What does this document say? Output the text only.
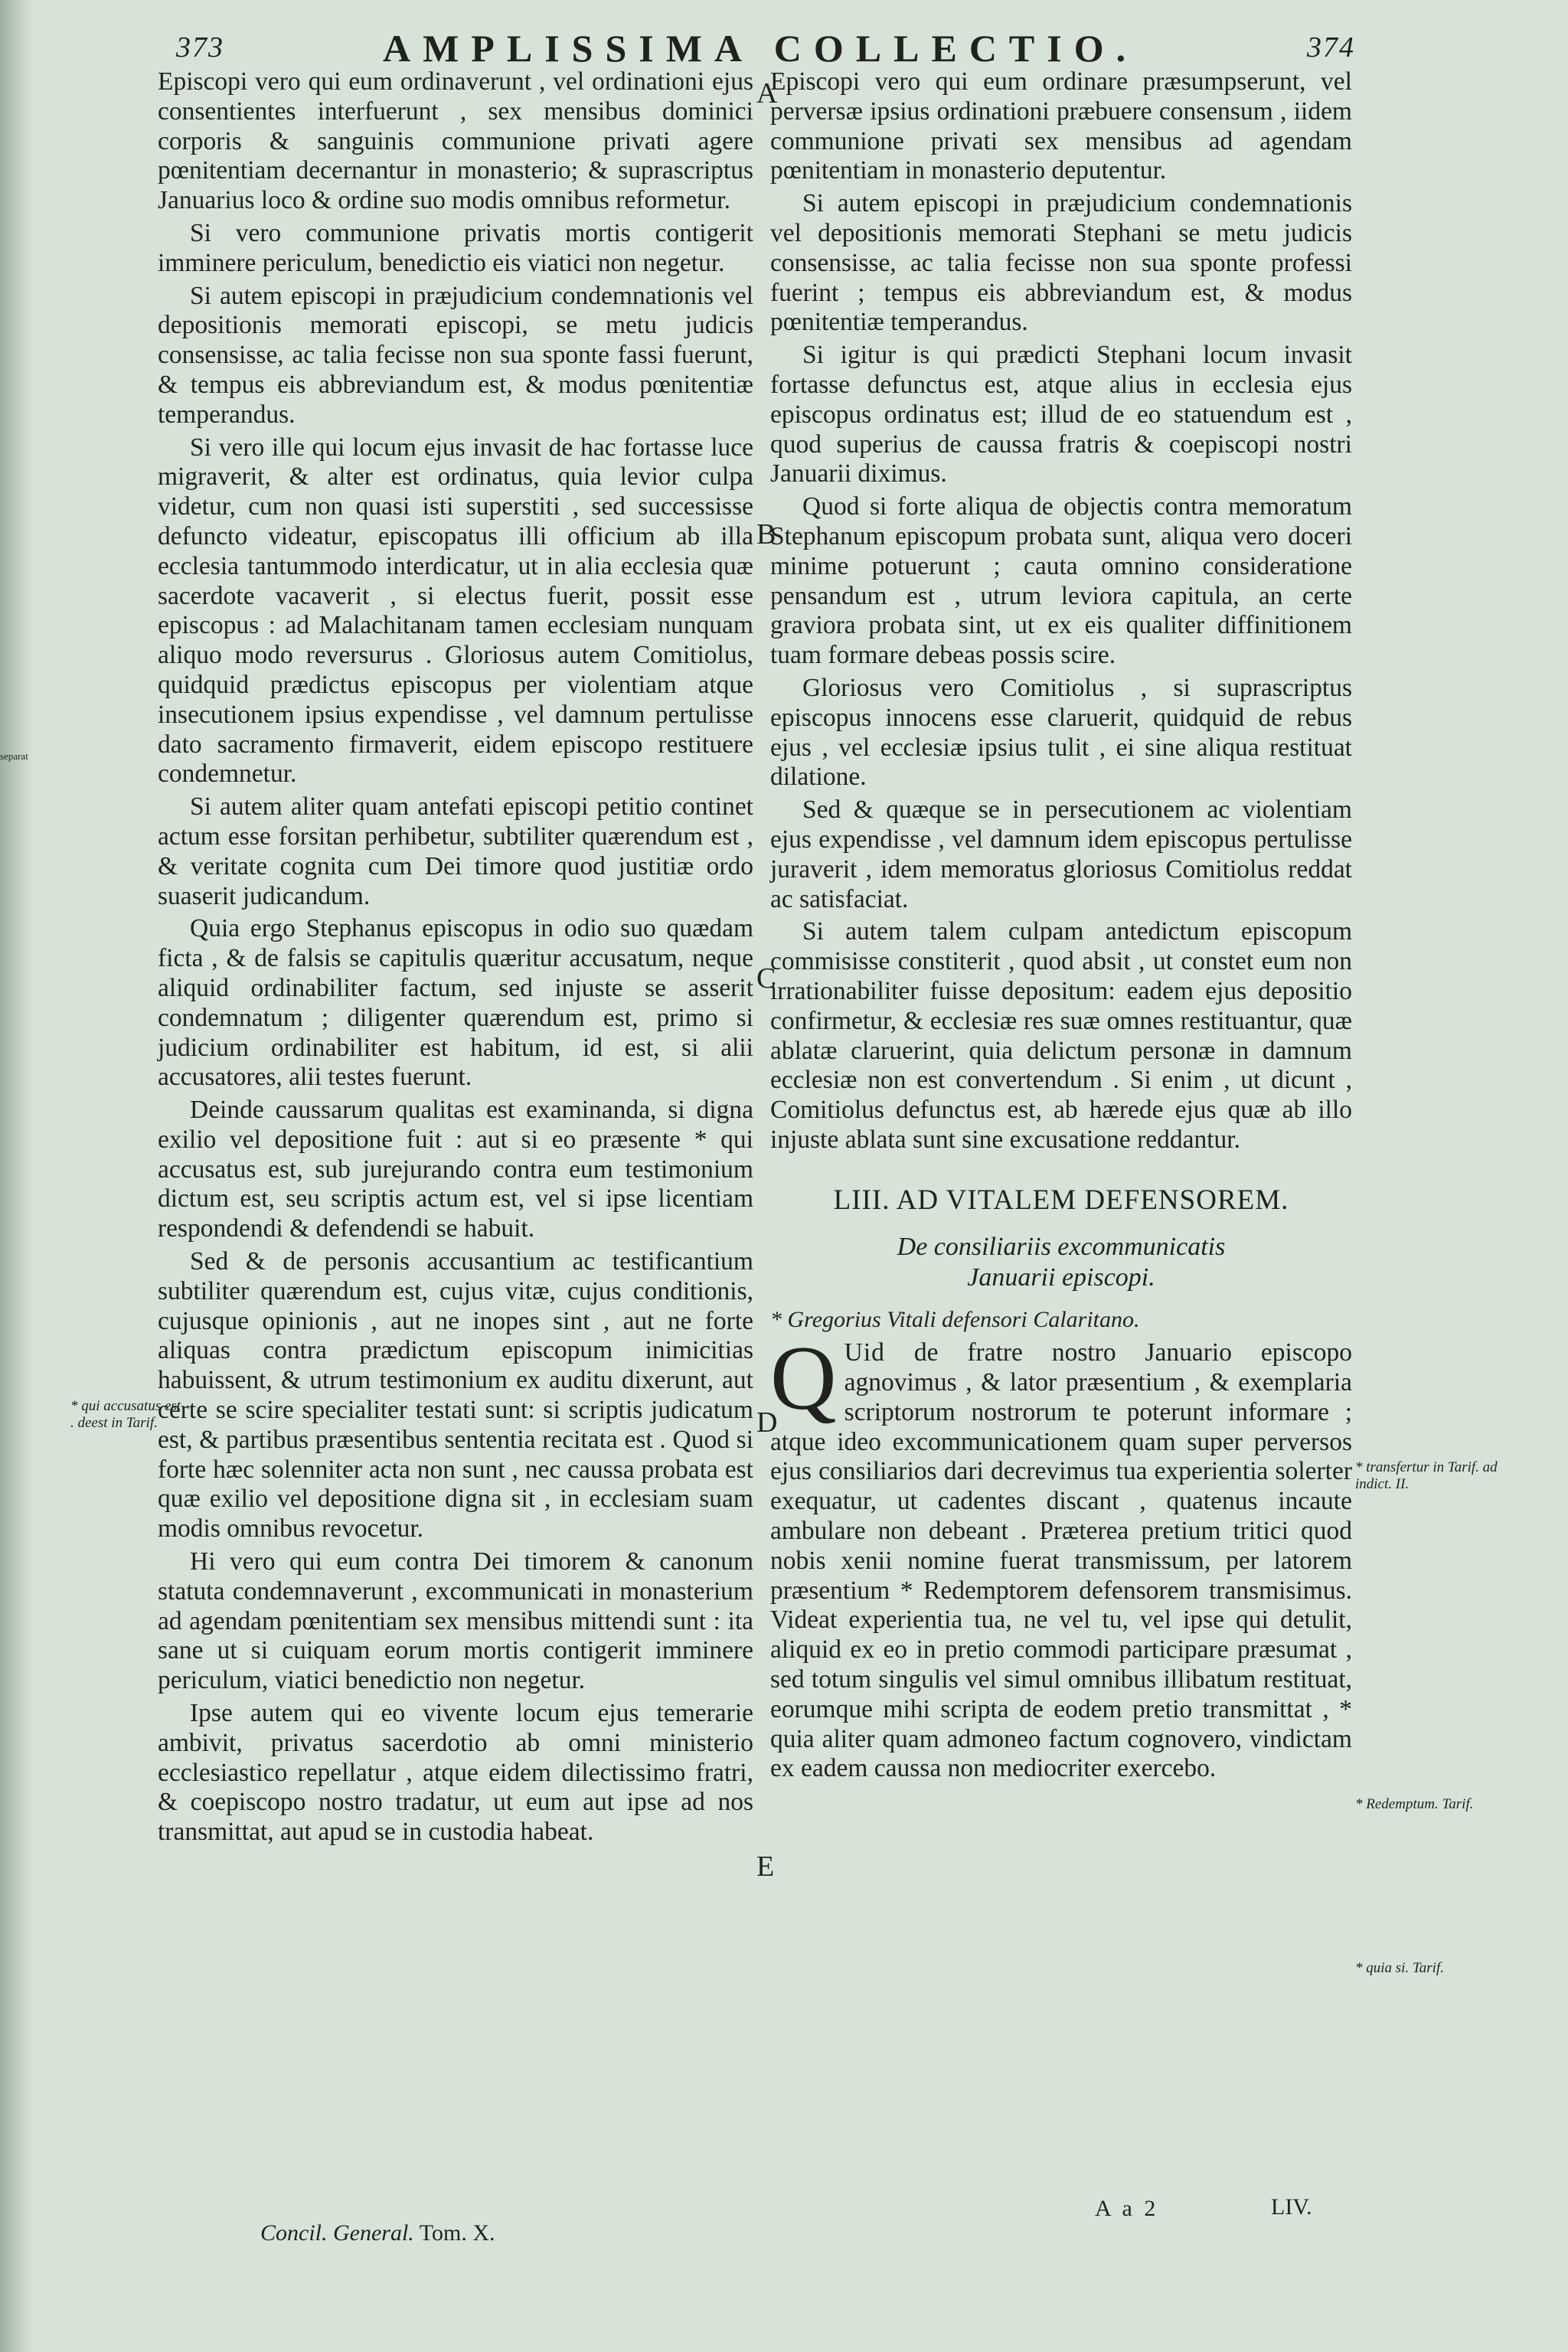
373	AMPLISSIMA COLLECTIO.	374
separat

Episcopi vero qui eum ordinaverunt , vel ordinationi ejus consentientes interfuerunt , sex mensibus dominici corporis & sanguinis communione privati agere pœnitentiam decernantur in monasterio; & suprascriptus Januarius loco & ordine suo modis omnibus reformetur.

Si vero communione privatis mortis contigerit imminere periculum, benedictio eis viatici non negetur.

Si autem episcopi in præjudicium condemnationis vel depositionis memorati episcopi, se metu judicis consensisse, ac talia fecisse non sua sponte fassi fuerunt, & tempus eis abbreviandum est, & modus pœnitentiæ temperandus.

Si vero ille qui locum ejus invasit de hac fortasse luce migraverit, & alter est ordinatus, quia levior culpa videtur, cum non quasi isti superstiti , sed successisse defuncto videatur, episcopatus illi officium ab illa ecclesia tantummodo interdicatur, ut in alia ecclesia quæ sacerdote vacaverit , si electus fuerit, possit esse episcopus : ad Malachitanam tamen ecclesiam nunquam aliquo modo reversurus . Gloriosus autem Comitiolus, quidquid prædictus episcopus per violentiam atque insecutionem ipsius expendisse , vel damnum pertulisse dato sacramento firmaverit, eidem episcopo restituere condemnetur.

Si autem aliter quam antefati episcopi petitio continet actum esse forsitan perhibetur, subtiliter quærendum est , & veritate cognita cum Dei timore quod justitiæ ordo suaserit judicandum.

Quia ergo Stephanus episcopus in odio suo quædam ficta , & de falsis se capitulis quæritur accusatum, neque aliquid ordinabiliter factum, sed injuste se asserit condemnatum ; diligenter quærendum est, primo si judicium ordinabiliter est habitum, id est, si alii accusatores, alii testes fuerunt.

Deinde caussarum qualitas est examinanda, si digna exilio vel depositione fuit : aut si eo præsente * qui accusatus est, sub jurejurando contra eum testimonium dictum est, seu scriptis actum est, vel si ipse licentiam respondendi & defendendi se habuit.

Sed & de personis accusantium ac testificantium subtiliter quærendum est, cujus vitæ, cujus conditionis, cujusque opinionis , aut ne inopes sint , aut ne forte aliquas contra prædictum episcopum inimicitias habuissent, & utrum testimonium ex auditu dixerunt, aut certe se scire specialiter testati sunt: si scriptis judicatum est, & partibus præsentibus sententia recitata est . Quod si forte hæc solenniter acta non sunt , nec caussa probata est quæ exilio vel depositione digna sit , in ecclesiam suam modis omnibus revocetur.

Hi vero qui eum contra Dei timorem & canonum statuta condemnaverunt , excommunicati in monasterium ad agendam pœnitentiam sex mensibus mittendi sunt : ita sane ut si cuiquam eorum mortis contigerit imminere periculum, viatici benedictio non negetur.

Ipse autem qui eo vivente locum ejus temerarie ambivit, privatus sacerdotio ab omni ministerio ecclesiastico repellatur , atque eidem dilectissimo fratri, & coepiscopo nostro tradatur, ut eum aut ipse ad nos transmittat, aut apud se in custodia habeat.

Episcopi vero qui eum ordinare præsumpserunt, vel perversæ ipsius ordinationi præbuere consensum , iidem communione privati sex mensibus ad agendam pœnitentiam in monasterio deputentur.

Si autem episcopi in præjudicium condemnationis vel depositionis memorati Stephani se metu judicis consensisse, ac talia fecisse non sua sponte professi fuerint ; tempus eis abbreviandum est, & modus pœnitentiæ temperandus.

Si igitur is qui prædicti Stephani locum invasit fortasse defunctus est, atque alius in ecclesia ejus episcopus ordinatus est; illud de eo statuendum est , quod superius de caussa fratris & coepiscopi nostri Januarii diximus.

Quod si forte aliqua de objectis contra memoratum Stephanum episcopum probata sunt, aliqua vero doceri minime potuerunt ; cauta omnino consideratione pensandum est , utrum leviora capitula, an certe graviora probata sint, ut ex eis qualiter diffinitionem tuam formare debeas possis scire.

Gloriosus vero Comitiolus , si suprascriptus episcopus innocens esse claruerit, quidquid de rebus ejus , vel ecclesiæ ipsius tulit , ei sine aliqua restituat dilatione.

Sed & quæque se in persecutionem ac violentiam ejus expendisse , vel damnum idem episcopus pertulisse juraverit , idem memoratus gloriosus Comitiolus reddat ac satisfaciat.

Si autem talem culpam antedictum episcopum commisisse constiterit , quod absit , ut constet eum non irrationabiliter fuisse depositum: eadem ejus depositio confirmetur, & ecclesiæ res suæ omnes restituantur, quæ ablatæ claruerint, quia delictum personæ in damnum ecclesiæ non est convertendum . Si enim , ut dicunt , Comitiolus defunctus est, ab hærede ejus quæ ab illo injuste ablata sunt sine excusatione reddantur.

LIII. AD VITALEM DEFENSOREM.
De consiliariis excommunicatis
Januarii episcopi.

* Gregorius Vitali defensori Calaritano.

Q Uid de fratre nostro Januario episcopo agnovimus , & lator præsentium , & exemplaria scriptorum nostrorum te poterunt informare ; atque ideo excommunicationem quam super perversos ejus consiliarios dari decrevimus tua experientia solerter exequatur, ut cadentes discant , quatenus incaute ambulare non debeant . Præterea pretium tritici quod nobis xenii nomine fuerat transmissum, per latorem præsentium * Redemptorem defensorem transmisimus. Videat experientia tua, ne vel tu, vel ipse qui detulit, aliquid ex eo in pretio commodi participare præsumat , sed totum singulis vel simul omnibus illibatum restituat, eorumque mihi scripta de eodem pretio transmittat , * quia aliter quam admoneo factum cognovero, vindictam ex eadem caussa non mediocriter exercebo.

A
B
C
D
E
* qui accusatus est . deest in Tarif.
* transfertur in Tarif. ad indict. II.
* Redemptum. Tarif.
* quia si. Tarif.
Concil. General. Tom. X.
A a 2	LIV.
